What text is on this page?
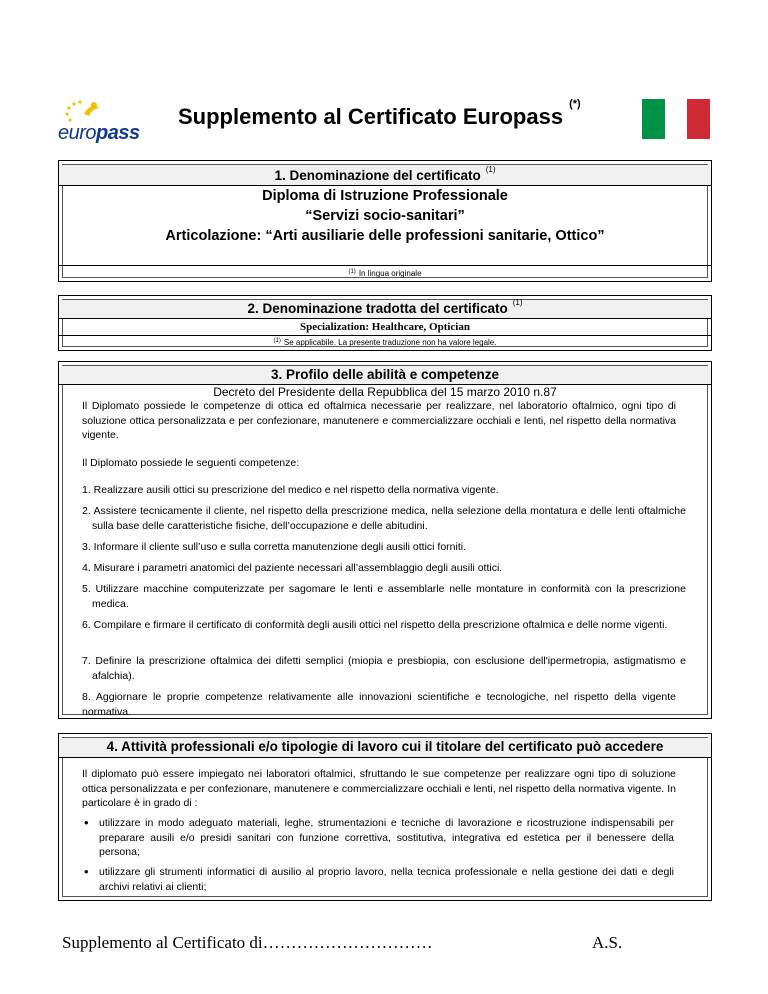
europass
Supplemento al Certificato Europass (*)
1. Denominazione del certificato $^{(1)}$
Diploma di Istruzione Professionale
“Servizi socio-sanitari”
Articolazione: “Arti ausiliarie delle professioni sanitarie, Ottico”
$^{(1)}$ In lingua originale
2. Denominazione tradotta del certificato $^{(1)}$
Specialization: Healthcare, Optician
$^{(1)}$ Se applicabile. La presente traduzione non ha valore legale.
3. Profilo delle abilità e competenze
Decreto del Presidente della Repubblica del 15 marzo 2010 n.87
Il Diplomato possiede le competenze di ottica ed oftalmica necessarie per realizzare, nel laboratorio oftalmico, ogni tipo di soluzione ottica personalizzata e per confezionare, manutenere e commercializzare occhiali e lenti, nel rispetto della normativa vigente.
Il Diplomato possiede le seguenti competenze:
1. Realizzare ausili ottici su prescrizione del medico e nel rispetto della normativa vigente.
2. Assistere tecnicamente il cliente, nel rispetto della prescrizione medica, nella selezione della montatura e delle lenti oftalmiche sulla base delle caratteristiche fisiche, dell’occupazione e delle abitudini.
3. Informare il cliente sull’uso e sulla corretta manutenzione degli ausili ottici forniti.
4. Misurare i parametri anatomici del paziente necessari all’assemblaggio degli ausili ottici.
5. Utilizzare macchine computerizzate per sagomare le lenti e assemblarle nelle montature in conformità con la prescrizione medica.
6. Compilare e firmare il certificato di conformità degli ausili ottici nel rispetto della prescrizione oftalmica e delle norme vigenti.
7. Definire la prescrizione oftalmica dei difetti semplici (miopia e presbiopia, con esclusione dell'ipermetropia, astigmatismo e afalchia).
8. Aggiornare le proprie competenze relativamente alle innovazioni scientifiche e tecnologiche, nel rispetto della vigente normativa.
4. Attività professionali e/o tipologie di lavoro cui il titolare del certificato può accedere
Il diplomato può essere impiegato nei laboratori oftalmici, sfruttando le sue competenze per realizzare ogni tipo di soluzione ottica personalizzata e per confezionare, manutenere e commercializzare occhiali e lenti, nel rispetto della normativa vigente. In particolare è in grado di :
• utilizzare in modo adeguato materiali, leghe, strumentazioni e tecniche di lavorazione e ricostruzione indispensabili per preparare ausili e/o presidi sanitari con funzione correttiva, sostitutiva, integrativa ed estetica per il benessere della persona;
• utilizzare gli strumenti informatici di ausilio al proprio lavoro, nella tecnica professionale e nella gestione dei dati e degli archivi relativi ai clienti;
Supplemento al Certificato di…………………………	A.S.
